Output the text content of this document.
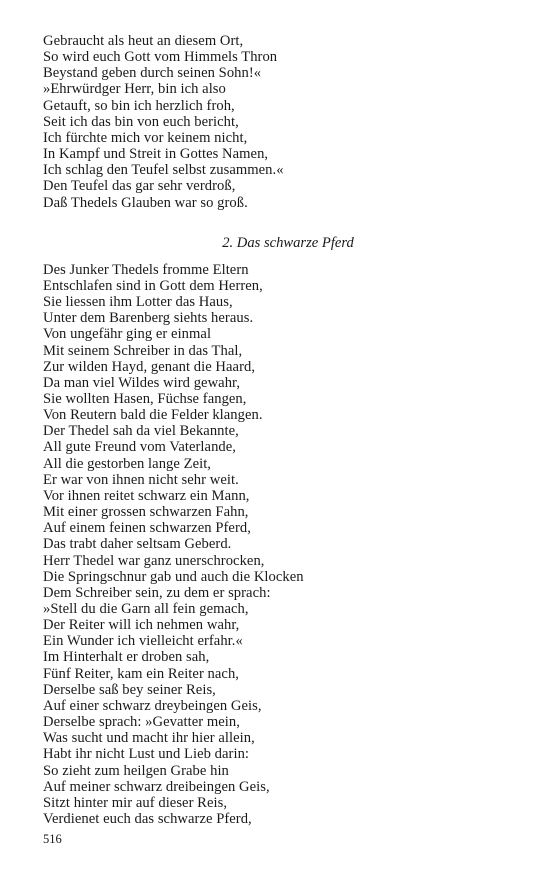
Gebraucht als heut an diesem Ort,
So wird euch Gott vom Himmels Thron
Beystand geben durch seinen Sohn!«
»Ehrwürdger Herr, bin ich also
Getauft, so bin ich herzlich froh,
Seit ich das bin von euch bericht,
Ich fürchte mich vor keinem nicht,
In Kampf und Streit in Gottes Namen,
Ich schlag den Teufel selbst zusammen.«
Den Teufel das gar sehr verdroß,
Daß Thedels Glauben war so groß.
2. Das schwarze Pferd
Des Junker Thedels fromme Eltern
Entschlafen sind in Gott dem Herren,
Sie liessen ihm Lotter das Haus,
Unter dem Barenberg siehts heraus.
Von ungefähr ging er einmal
Mit seinem Schreiber in das Thal,
Zur wilden Hayd, genant die Haard,
Da man viel Wildes wird gewahr,
Sie wollten Hasen, Füchse fangen,
Von Reutern bald die Felder klangen.
Der Thedel sah da viel Bekannte,
All gute Freund vom Vaterlande,
All die gestorben lange Zeit,
Er war von ihnen nicht sehr weit.
Vor ihnen reitet schwarz ein Mann,
Mit einer grossen schwarzen Fahn,
Auf einem feinen schwarzen Pferd,
Das trabt daher seltsam Geberd.
Herr Thedel war ganz unerschrocken,
Die Springschnur gab und auch die Klocken
Dem Schreiber sein, zu dem er sprach:
»Stell du die Garn all fein gemach,
Der Reiter will ich nehmen wahr,
Ein Wunder ich vielleicht erfahr.«
Im Hinterhalt er droben sah,
Fünf Reiter, kam ein Reiter nach,
Derselbe saß bey seiner Reis,
Auf einer schwarz dreybeingen Geis,
Derselbe sprach: »Gevatter mein,
Was sucht und macht ihr hier allein,
Habt ihr nicht Lust und Lieb darin:
So zieht zum heilgen Grabe hin
Auf meiner schwarz dreibeingen Geis,
Sitzt hinter mir auf dieser Reis,
Verdienet euch das schwarze Pferd,
516
